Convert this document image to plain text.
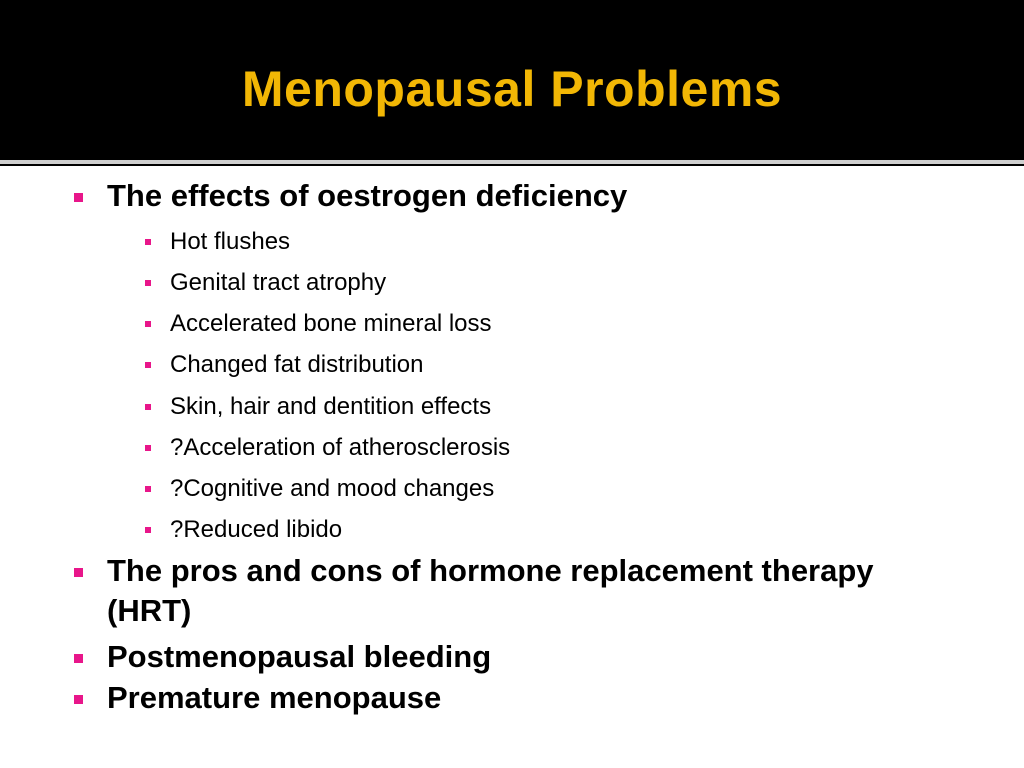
Menopausal Problems
The effects of oestrogen deficiency
Hot flushes
Genital tract atrophy
Accelerated bone mineral loss
Changed fat distribution
Skin, hair and dentition effects
?Acceleration of atherosclerosis
?Cognitive and mood changes
?Reduced libido
The pros and cons of hormone replacement therapy (HRT)
Postmenopausal bleeding
Premature menopause
